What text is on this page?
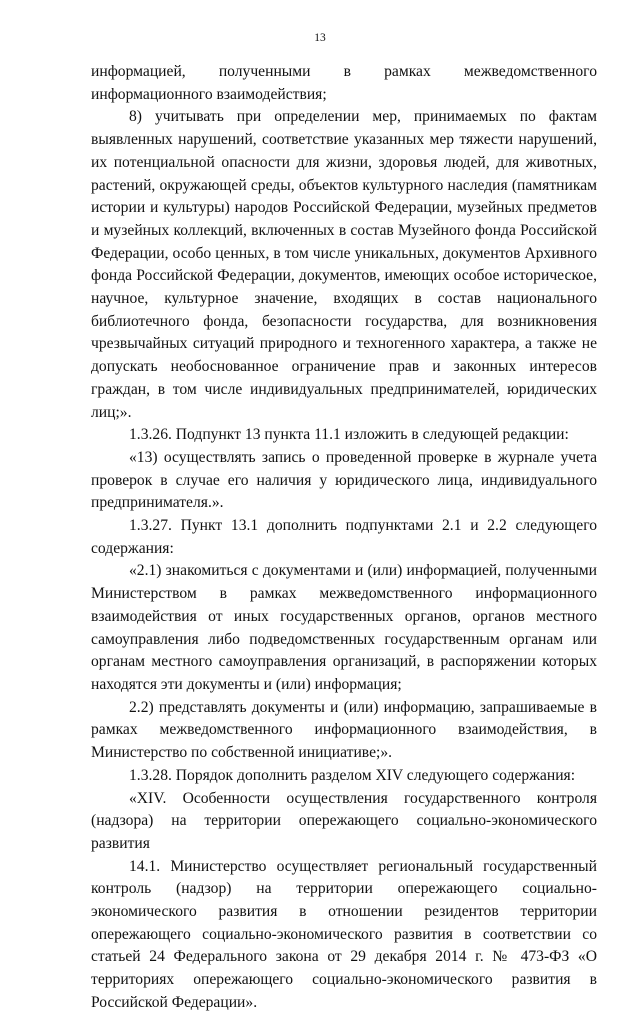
13

информацией, полученными в рамках межведомственного информационного взаимодействия;

8) учитывать при определении мер, принимаемых по фактам выявленных нарушений, соответствие указанных мер тяжести нарушений, их потенциальной опасности для жизни, здоровья людей, для животных, растений, окружающей среды, объектов культурного наследия (памятникам истории и культуры) народов Российской Федерации, музейных предметов и музейных коллекций, включенных в состав Музейного фонда Российской Федерации, особо ценных, в том числе уникальных, документов Архивного фонда Российской Федерации, документов, имеющих особое историческое, научное, культурное значение, входящих в состав национального библиотечного фонда, безопасности государства, для возникновения чрезвычайных ситуаций природного и техногенного характера, а также не допускать необоснованное ограничение прав и законных интересов граждан, в том числе индивидуальных предпринимателей, юридических лиц;».

1.3.26. Подпункт 13 пункта 11.1 изложить в следующей редакции:

«13) осуществлять запись о проведенной проверке в журнале учета проверок в случае его наличия у юридического лица, индивидуального предпринимателя.».

1.3.27. Пункт 13.1 дополнить подпунктами 2.1 и 2.2 следующего содержания:

«2.1) знакомиться с документами и (или) информацией, полученными Министерством в рамках межведомственного информационного взаимодействия от иных государственных органов, органов местного самоуправления либо подведомственных государственным органам или органам местного самоуправления организаций, в распоряжении которых находятся эти документы и (или) информация;

2.2) представлять документы и (или) информацию, запрашиваемые в рамках межведомственного информационного взаимодействия, в Министерство по собственной инициативе;».

1.3.28. Порядок дополнить разделом XIV следующего содержания:

«XIV. Особенности осуществления государственного контроля (надзора) на территории опережающего социально-экономического развития

14.1. Министерство осуществляет региональный государственный контроль (надзор) на территории опережающего социально-экономического развития в отношении резидентов территории опережающего социально-экономического развития в соответствии со статьей 24 Федерального закона от 29 декабря 2014 г. № 473-ФЗ «О территориях опережающего социально-экономического развития в Российской Федерации».
